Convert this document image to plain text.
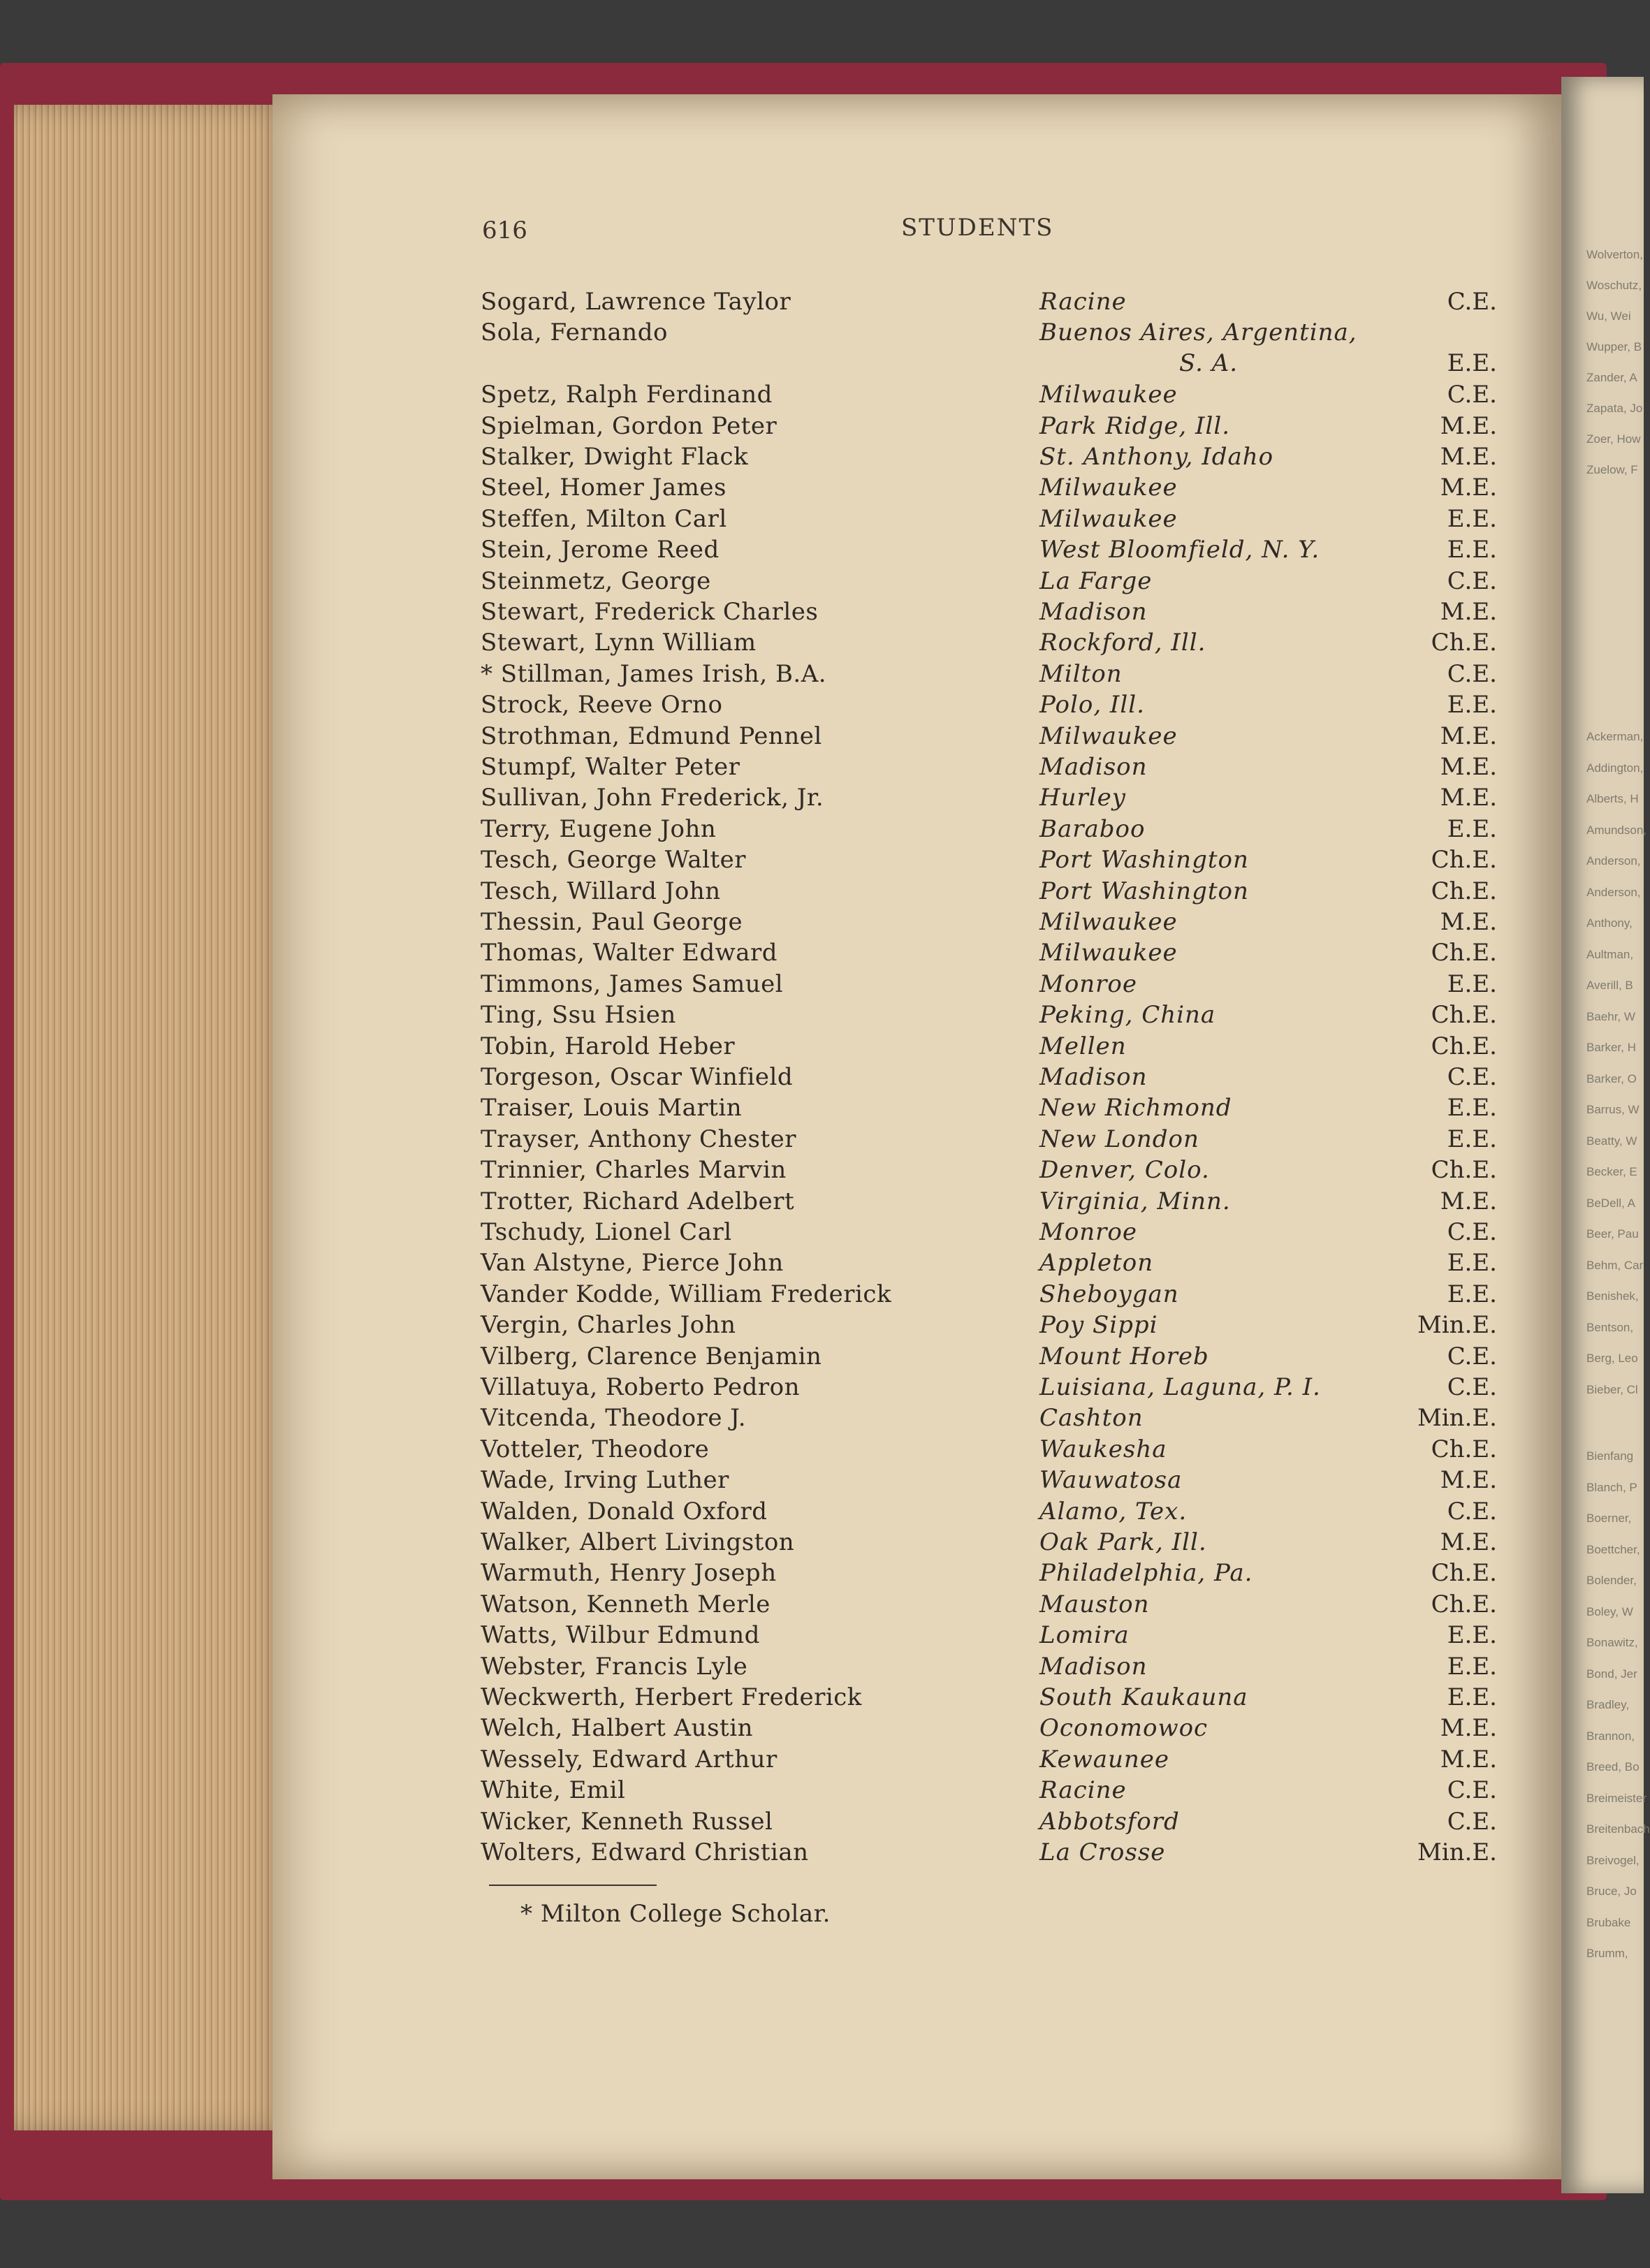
Wolverton,
Woschutz,
Wu, Wei
Wupper, B
Zander, A
Zapata, Jo
Zoer, How
Zuelow, F
Ackerman,
Addington,
Alberts, H
Amundson,
Anderson,
Anderson,
Anthony,
Aultman,
Averill, B
Baehr, W
Barker, H
Barker, O
Barrus, W
Beatty, W
Becker, E
BeDell, A
Beer, Pau
Behm, Car
Benishek,
Bentson,
Berg, Leo
Bieber, Cl
Bienfang
Blanch, P
Boerner,
Boettcher,
Bolender,
Boley, W
Bonawitz,
Bond, Jer
Bradley,
Brannon,
Breed, Bo
Breimeister
Breitenbach
Breivogel,
Bruce, Jo
Brubake
Brumm,
616	STUDENTS
Sogard, Lawrence Taylor	Racine	C.E.
Sola, Fernando	Buenos Aires, Argentina,
S. A.	E.E.
Spetz, Ralph Ferdinand	Milwaukee	C.E.
Spielman, Gordon Peter	Park Ridge, Ill.	M.E.
Stalker, Dwight Flack	St. Anthony, Idaho	M.E.
Steel, Homer James	Milwaukee	M.E.
Steffen, Milton Carl	Milwaukee	E.E.
Stein, Jerome Reed	West Bloomfield, N. Y.	E.E.
Steinmetz, George	La Farge	C.E.
Stewart, Frederick Charles	Madison	M.E.
Stewart, Lynn William	Rockford, Ill.	Ch.E.
* Stillman, James Irish, B.A.	Milton	C.E.
Strock, Reeve Orno	Polo, Ill.	E.E.
Strothman, Edmund Pennel	Milwaukee	M.E.
Stumpf, Walter Peter	Madison	M.E.
Sullivan, John Frederick, Jr.	Hurley	M.E.
Terry, Eugene John	Baraboo	E.E.
Tesch, George Walter	Port Washington	Ch.E.
Tesch, Willard John	Port Washington	Ch.E.
Thessin, Paul George	Milwaukee	M.E.
Thomas, Walter Edward	Milwaukee	Ch.E.
Timmons, James Samuel	Monroe	E.E.
Ting, Ssu Hsien	Peking, China	Ch.E.
Tobin, Harold Heber	Mellen	Ch.E.
Torgeson, Oscar Winfield	Madison	C.E.
Traiser, Louis Martin	New Richmond	E.E.
Trayser, Anthony Chester	New London	E.E.
Trinnier, Charles Marvin	Denver, Colo.	Ch.E.
Trotter, Richard Adelbert	Virginia, Minn.	M.E.
Tschudy, Lionel Carl	Monroe	C.E.
Van Alstyne, Pierce John	Appleton	E.E.
Vander Kodde, William Frederick	Sheboygan	E.E.
Vergin, Charles John	Poy Sippi	Min.E.
Vilberg, Clarence Benjamin	Mount Horeb	C.E.
Villatuya, Roberto Pedron	Luisiana, Laguna, P. I.	C.E.
Vitcenda, Theodore J.	Cashton	Min.E.
Votteler, Theodore	Waukesha	Ch.E.
Wade, Irving Luther	Wauwatosa	M.E.
Walden, Donald Oxford	Alamo, Tex.	C.E.
Walker, Albert Livingston	Oak Park, Ill.	M.E.
Warmuth, Henry Joseph	Philadelphia, Pa.	Ch.E.
Watson, Kenneth Merle	Mauston	Ch.E.
Watts, Wilbur Edmund	Lomira	E.E.
Webster, Francis Lyle	Madison	E.E.
Weckwerth, Herbert Frederick	South Kaukauna	E.E.
Welch, Halbert Austin	Oconomowoc	M.E.
Wessely, Edward Arthur	Kewaunee	M.E.
White, Emil	Racine	C.E.
Wicker, Kenneth Russel	Abbotsford	C.E.
Wolters, Edward Christian	La Crosse	Min.E.
* Milton College Scholar.
